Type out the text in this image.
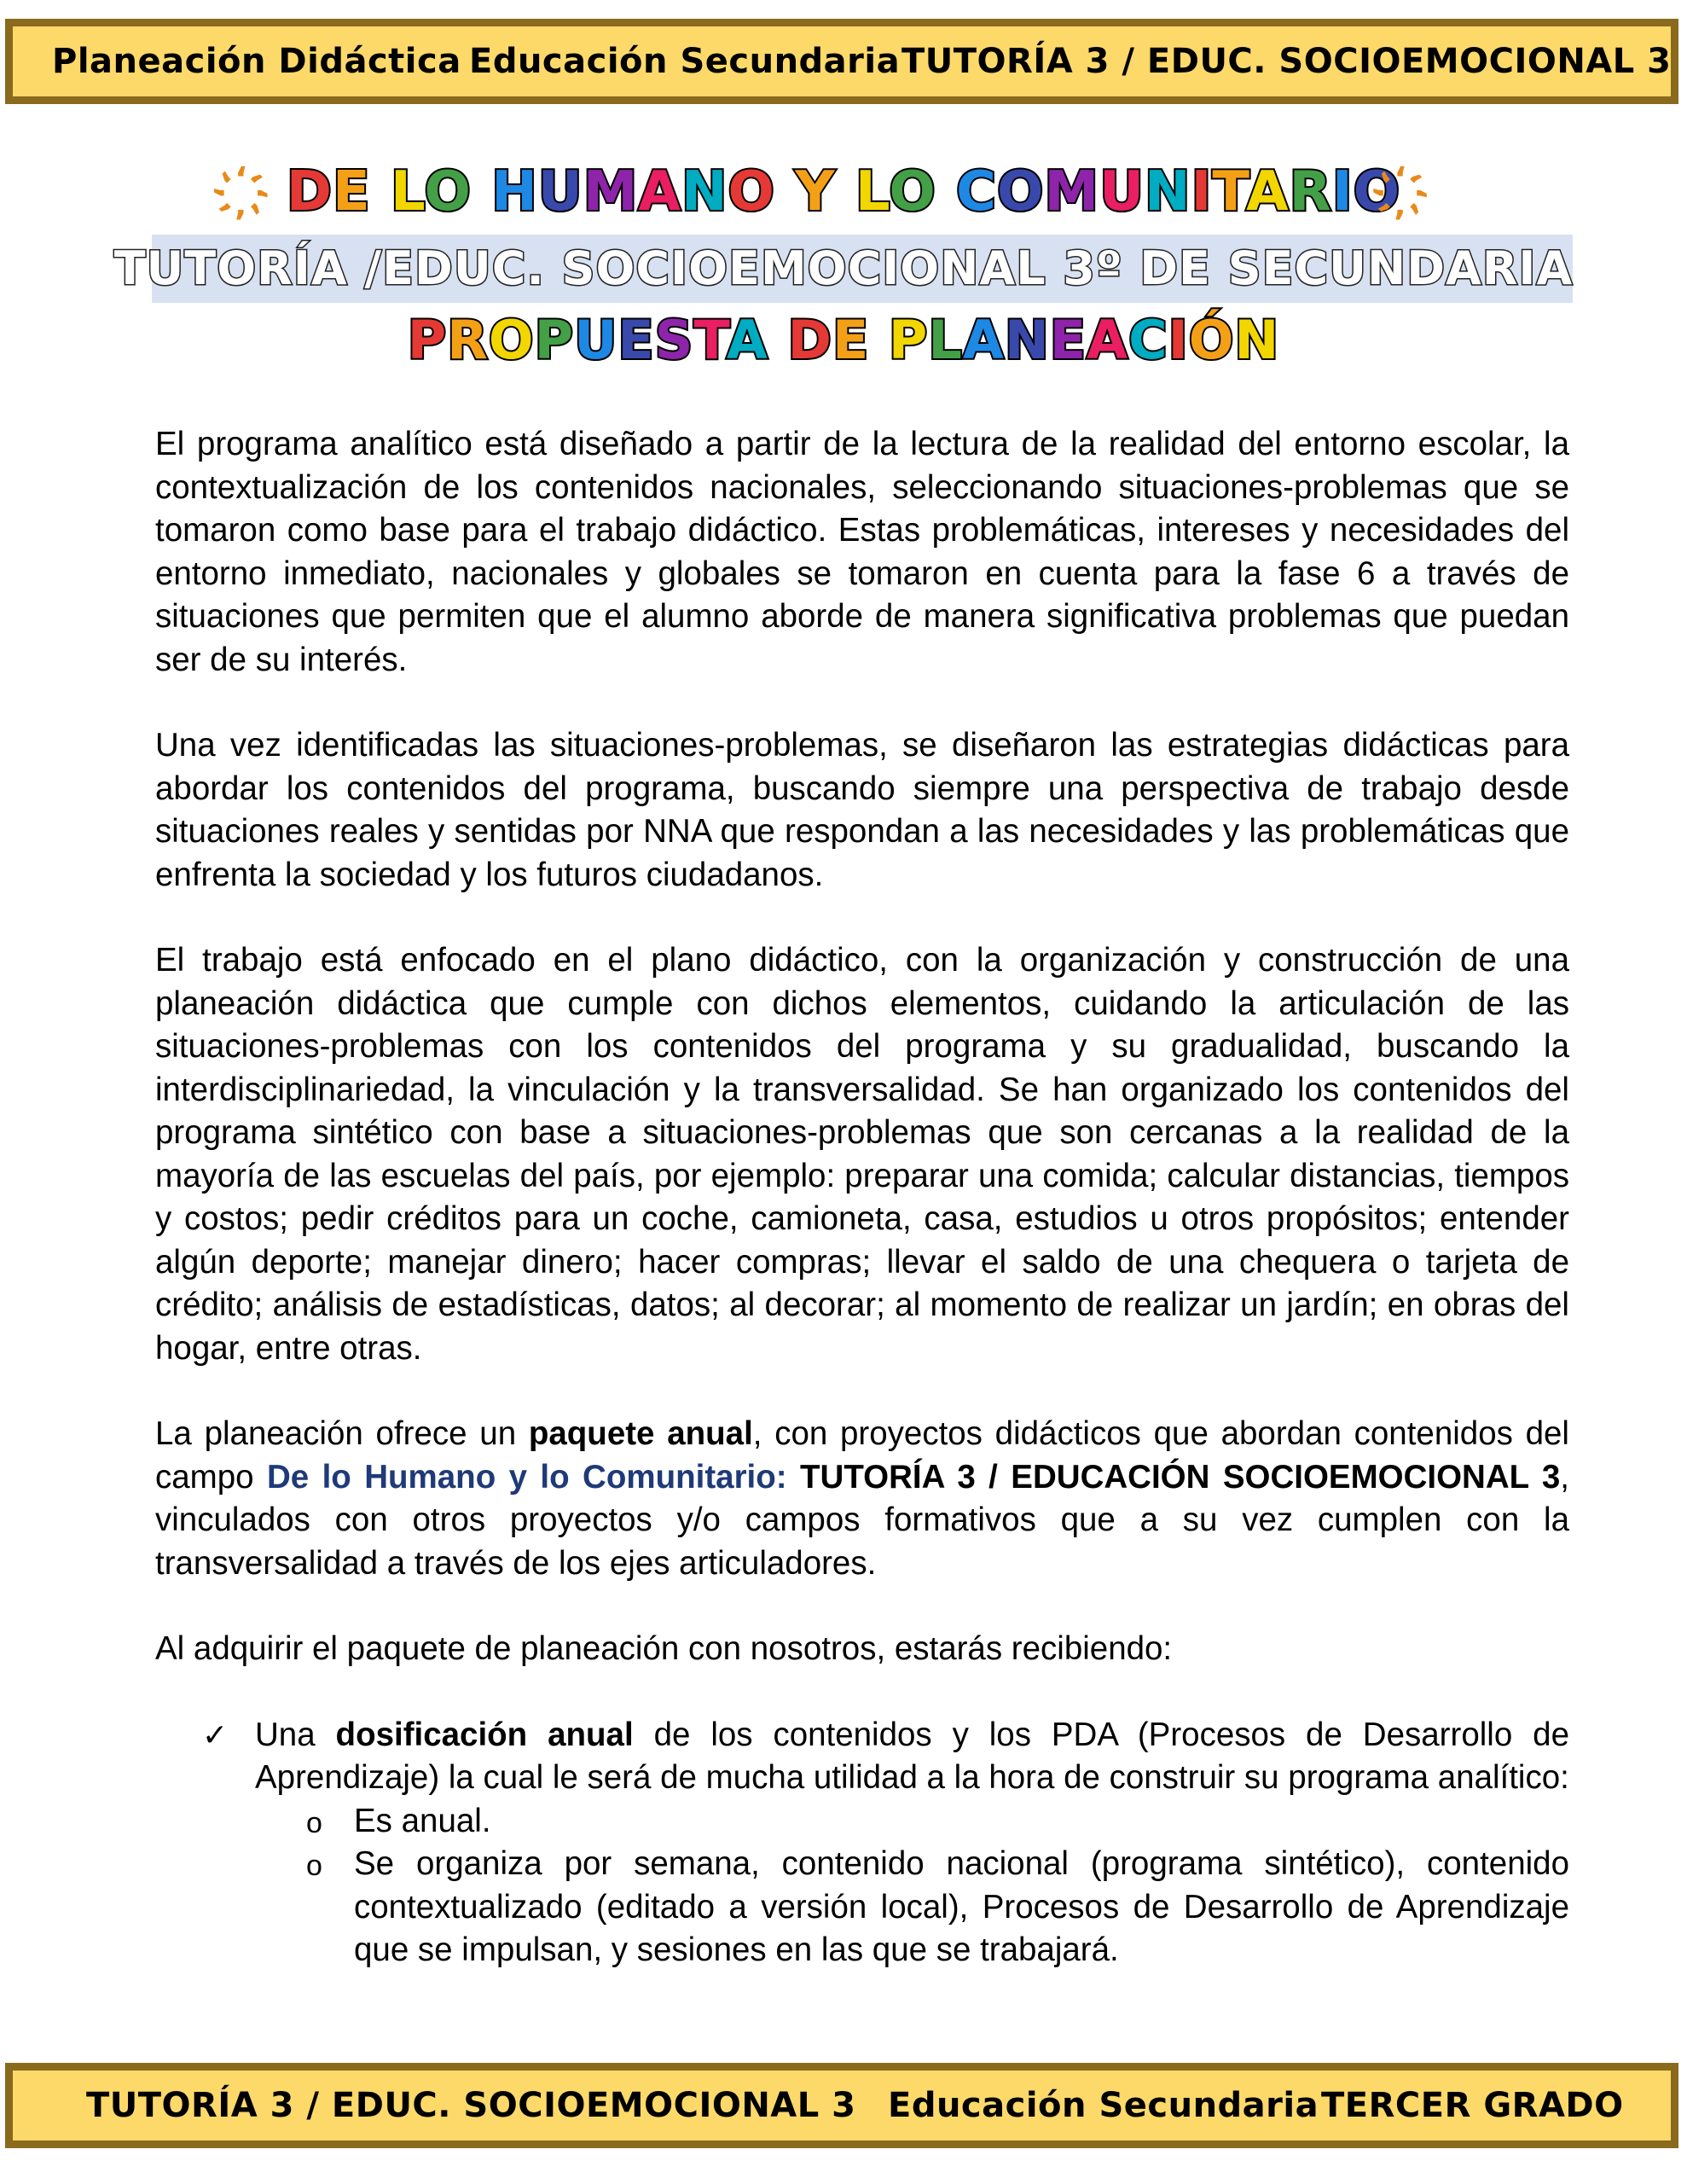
Planeación Didáctica Educación Secundaria TUTORÍA 3 / EDUC. SOCIOEMOCIONAL 3
҉ DE LO HUMANO Y LO COMUNITARIO ҉
TUTORÍA /EDUC. SOCIOEMOCIONAL 3º DE SECUNDARIA
PROPUESTA DE PLANEACIÓN

El programa analítico está diseñado a partir de la lectura de la realidad del entorno escolar, la contextualización de los contenidos nacionales, seleccionando situaciones-problemas que se tomaron como base para el trabajo didáctico. Estas problemáticas, intereses y necesidades del entorno inmediato, nacionales y globales se tomaron en cuenta para la fase 6 a través de situaciones que permiten que el alumno aborde de manera significativa problemas que puedan ser de su interés.

Una vez identificadas las situaciones-problemas, se diseñaron las estrategias didácticas para abordar los contenidos del programa, buscando siempre una perspectiva de trabajo desde situaciones reales y sentidas por NNA que respondan a las necesidades y las problemáticas que enfrenta la sociedad y los futuros ciudadanos.

El trabajo está enfocado en el plano didáctico, con la organización y construcción de una planeación didáctica que cumple con dichos elementos, cuidando la articulación de las situaciones-problemas con los contenidos del programa y su gradualidad, buscando la interdisciplinariedad, la vinculación y la transversalidad. Se han organizado los contenidos del programa sintético con base a situaciones-problemas que son cercanas a la realidad de la mayoría de las escuelas del país, por ejemplo: preparar una comida; calcular distancias, tiempos y costos; pedir créditos para un coche, camioneta, casa, estudios u otros propósitos; entender algún deporte; manejar dinero; hacer compras; llevar el saldo de una chequera o tarjeta de crédito; análisis de estadísticas, datos; al decorar; al momento de realizar un jardín; en obras del hogar, entre otras.

La planeación ofrece un paquete anual, con proyectos didácticos que abordan contenidos del campo De lo Humano y lo Comunitario: TUTORÍA 3 / EDUCACIÓN SOCIOEMOCIONAL 3, vinculados con otros proyectos y/o campos formativos que a su vez cumplen con la transversalidad a través de los ejes articuladores.

Al adquirir el paquete de planeación con nosotros, estarás recibiendo:

✓ Una dosificación anual de los contenidos y los PDA (Procesos de Desarrollo de Aprendizaje) la cual le será de mucha utilidad a la hora de construir su programa analítico:
o Es anual.
o Se organiza por semana, contenido nacional (programa sintético), contenido contextualizado (editado a versión local), Procesos de Desarrollo de Aprendizaje que se impulsan, y sesiones en las que se trabajará.
TUTORÍA 3 / EDUC. SOCIOEMOCIONAL 3 Educación Secundaria TERCER GRADO
